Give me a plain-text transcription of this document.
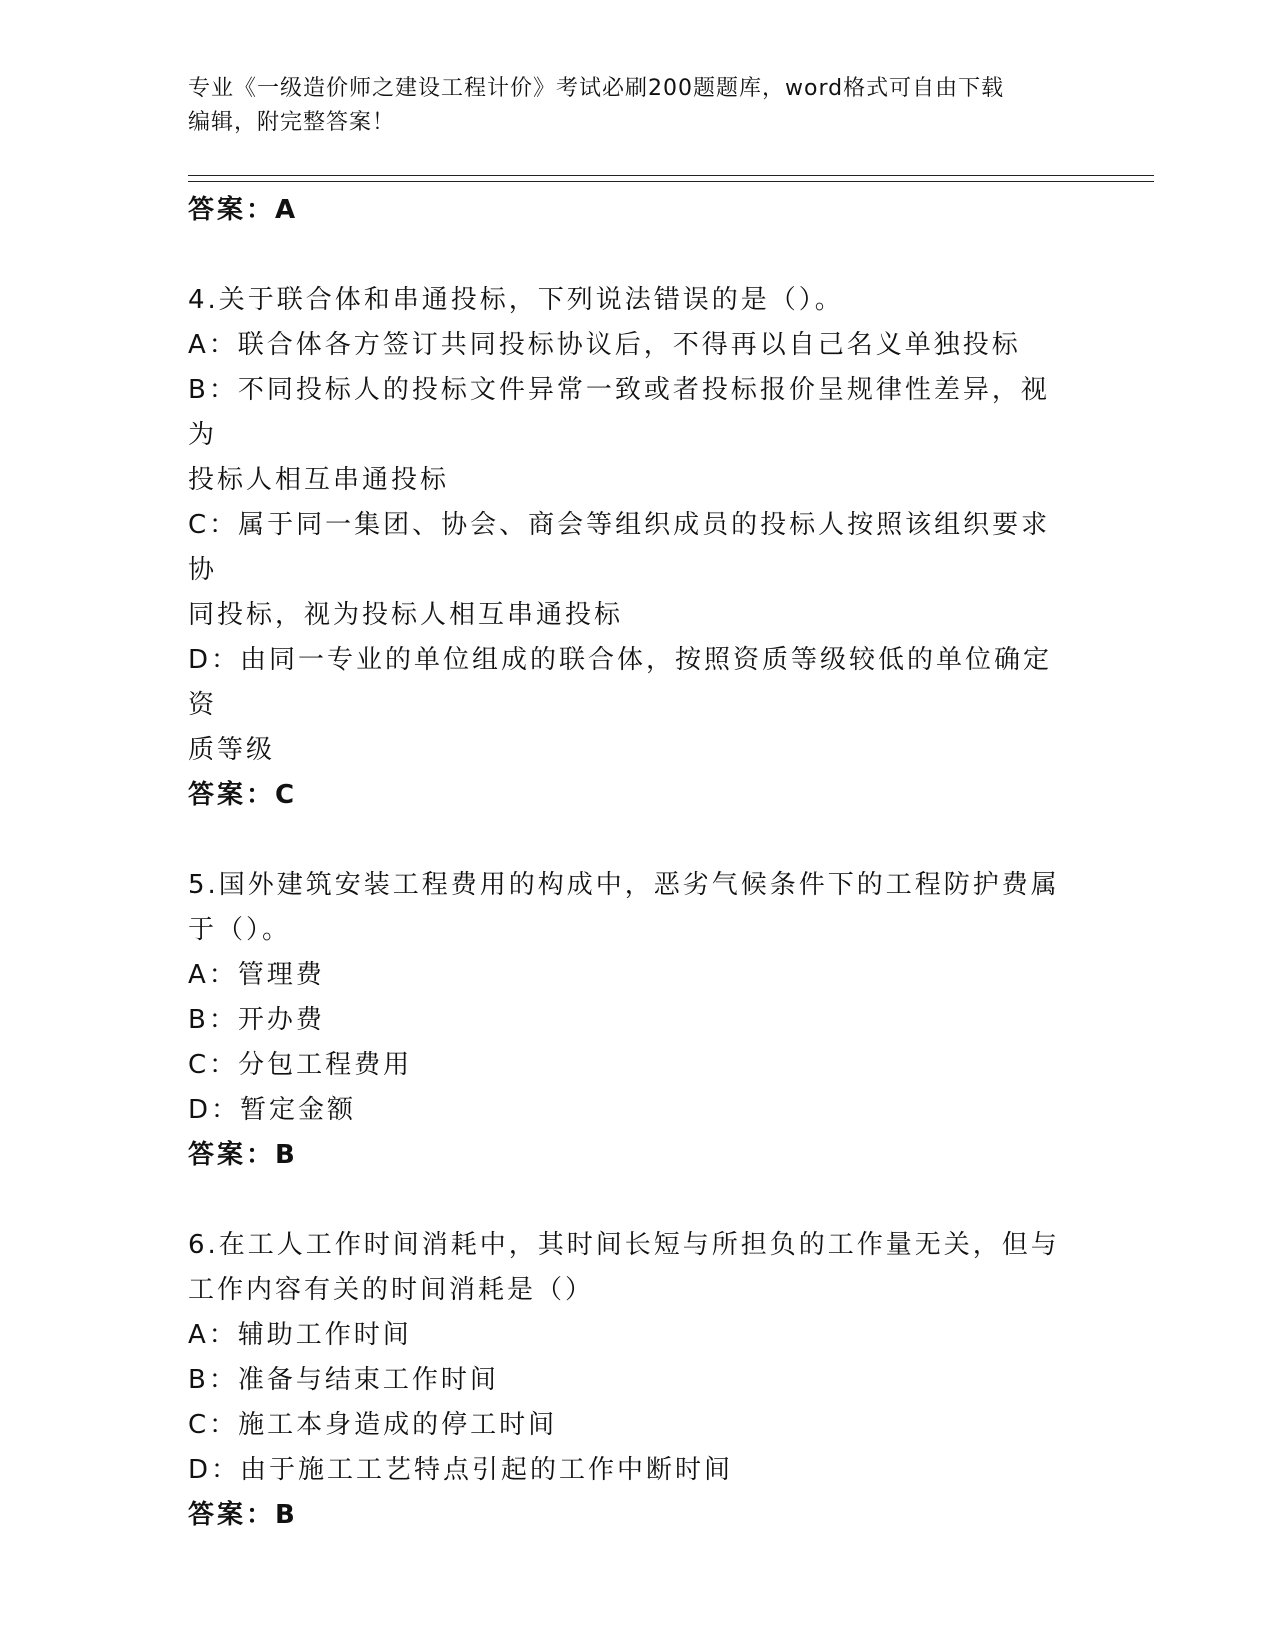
专业《一级造价师之建设工程计价》考试必刷200题题库，word格式可自由下载
编辑，附完整答案！
答案：A

4.关于联合体和串通投标，下列说法错误的是（）。

A：联合体各方签订共同投标协议后，不得再以自己名义单独投标

B：不同投标人的投标文件异常一致或者投标报价呈规律性差异，视为

投标人相互串通投标

C：属于同一集团、协会、商会等组织成员的投标人按照该组织要求协

同投标，视为投标人相互串通投标

D：由同一专业的单位组成的联合体，按照资质等级较低的单位确定资

质等级

答案：C

5.国外建筑安装工程费用的构成中，恶劣气候条件下的工程防护费属

于（）。

A：管理费

B：开办费

C：分包工程费用

D：暂定金额

答案：B

6.在工人工作时间消耗中，其时间长短与所担负的工作量无关，但与

工作内容有关的时间消耗是（）

A：辅助工作时间

B：准备与结束工作时间

C：施工本身造成的停工时间

D：由于施工工艺特点引起的工作中断时间

答案：B
